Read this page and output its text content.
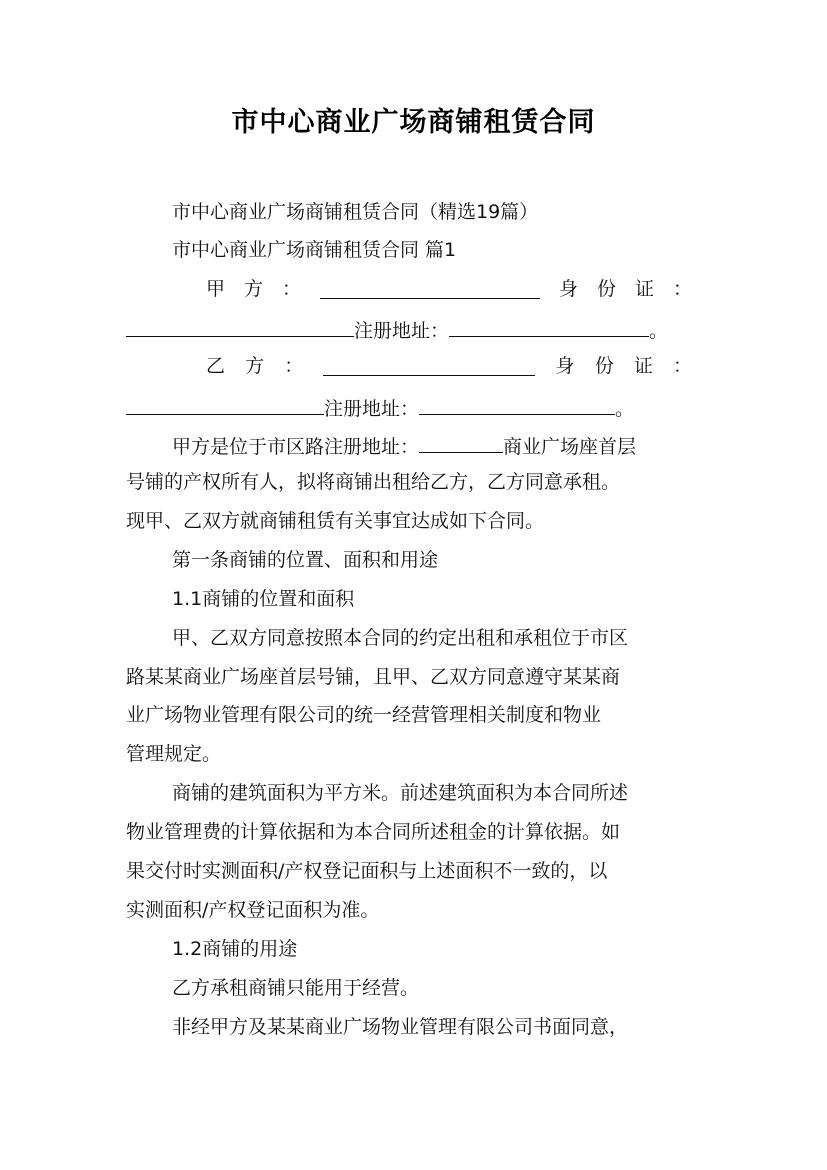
市中心商业广场商铺租赁合同
市中心商业广场商铺租赁合同（精选19篇）
市中心商业广场商铺租赁合同 篇1
甲 方 ：	身 份 证 ：
注册地址：	。
乙 方 ：	身 份 证 ：
注册地址：	。
甲方是位于市区路注册地址：	商业广场座首层
号铺的产权所有人，拟将商铺出租给乙方，乙方同意承租。
现甲、乙双方就商铺租赁有关事宜达成如下合同。
第一条商铺的位置、面积和用途
1.1商铺的位置和面积
甲、乙双方同意按照本合同的约定出租和承租位于市区
路某某商业广场座首层号铺，且甲、乙双方同意遵守某某商
业广场物业管理有限公司的统一经营管理相关制度和物业
管理规定。
商铺的建筑面积为平方米。前述建筑面积为本合同所述
物业管理费的计算依据和为本合同所述租金的计算依据。如
果交付时实测面积/产权登记面积与上述面积不一致的，以
实测面积/产权登记面积为准。
1.2商铺的用途
乙方承租商铺只能用于经营。
非经甲方及某某商业广场物业管理有限公司书面同意，
